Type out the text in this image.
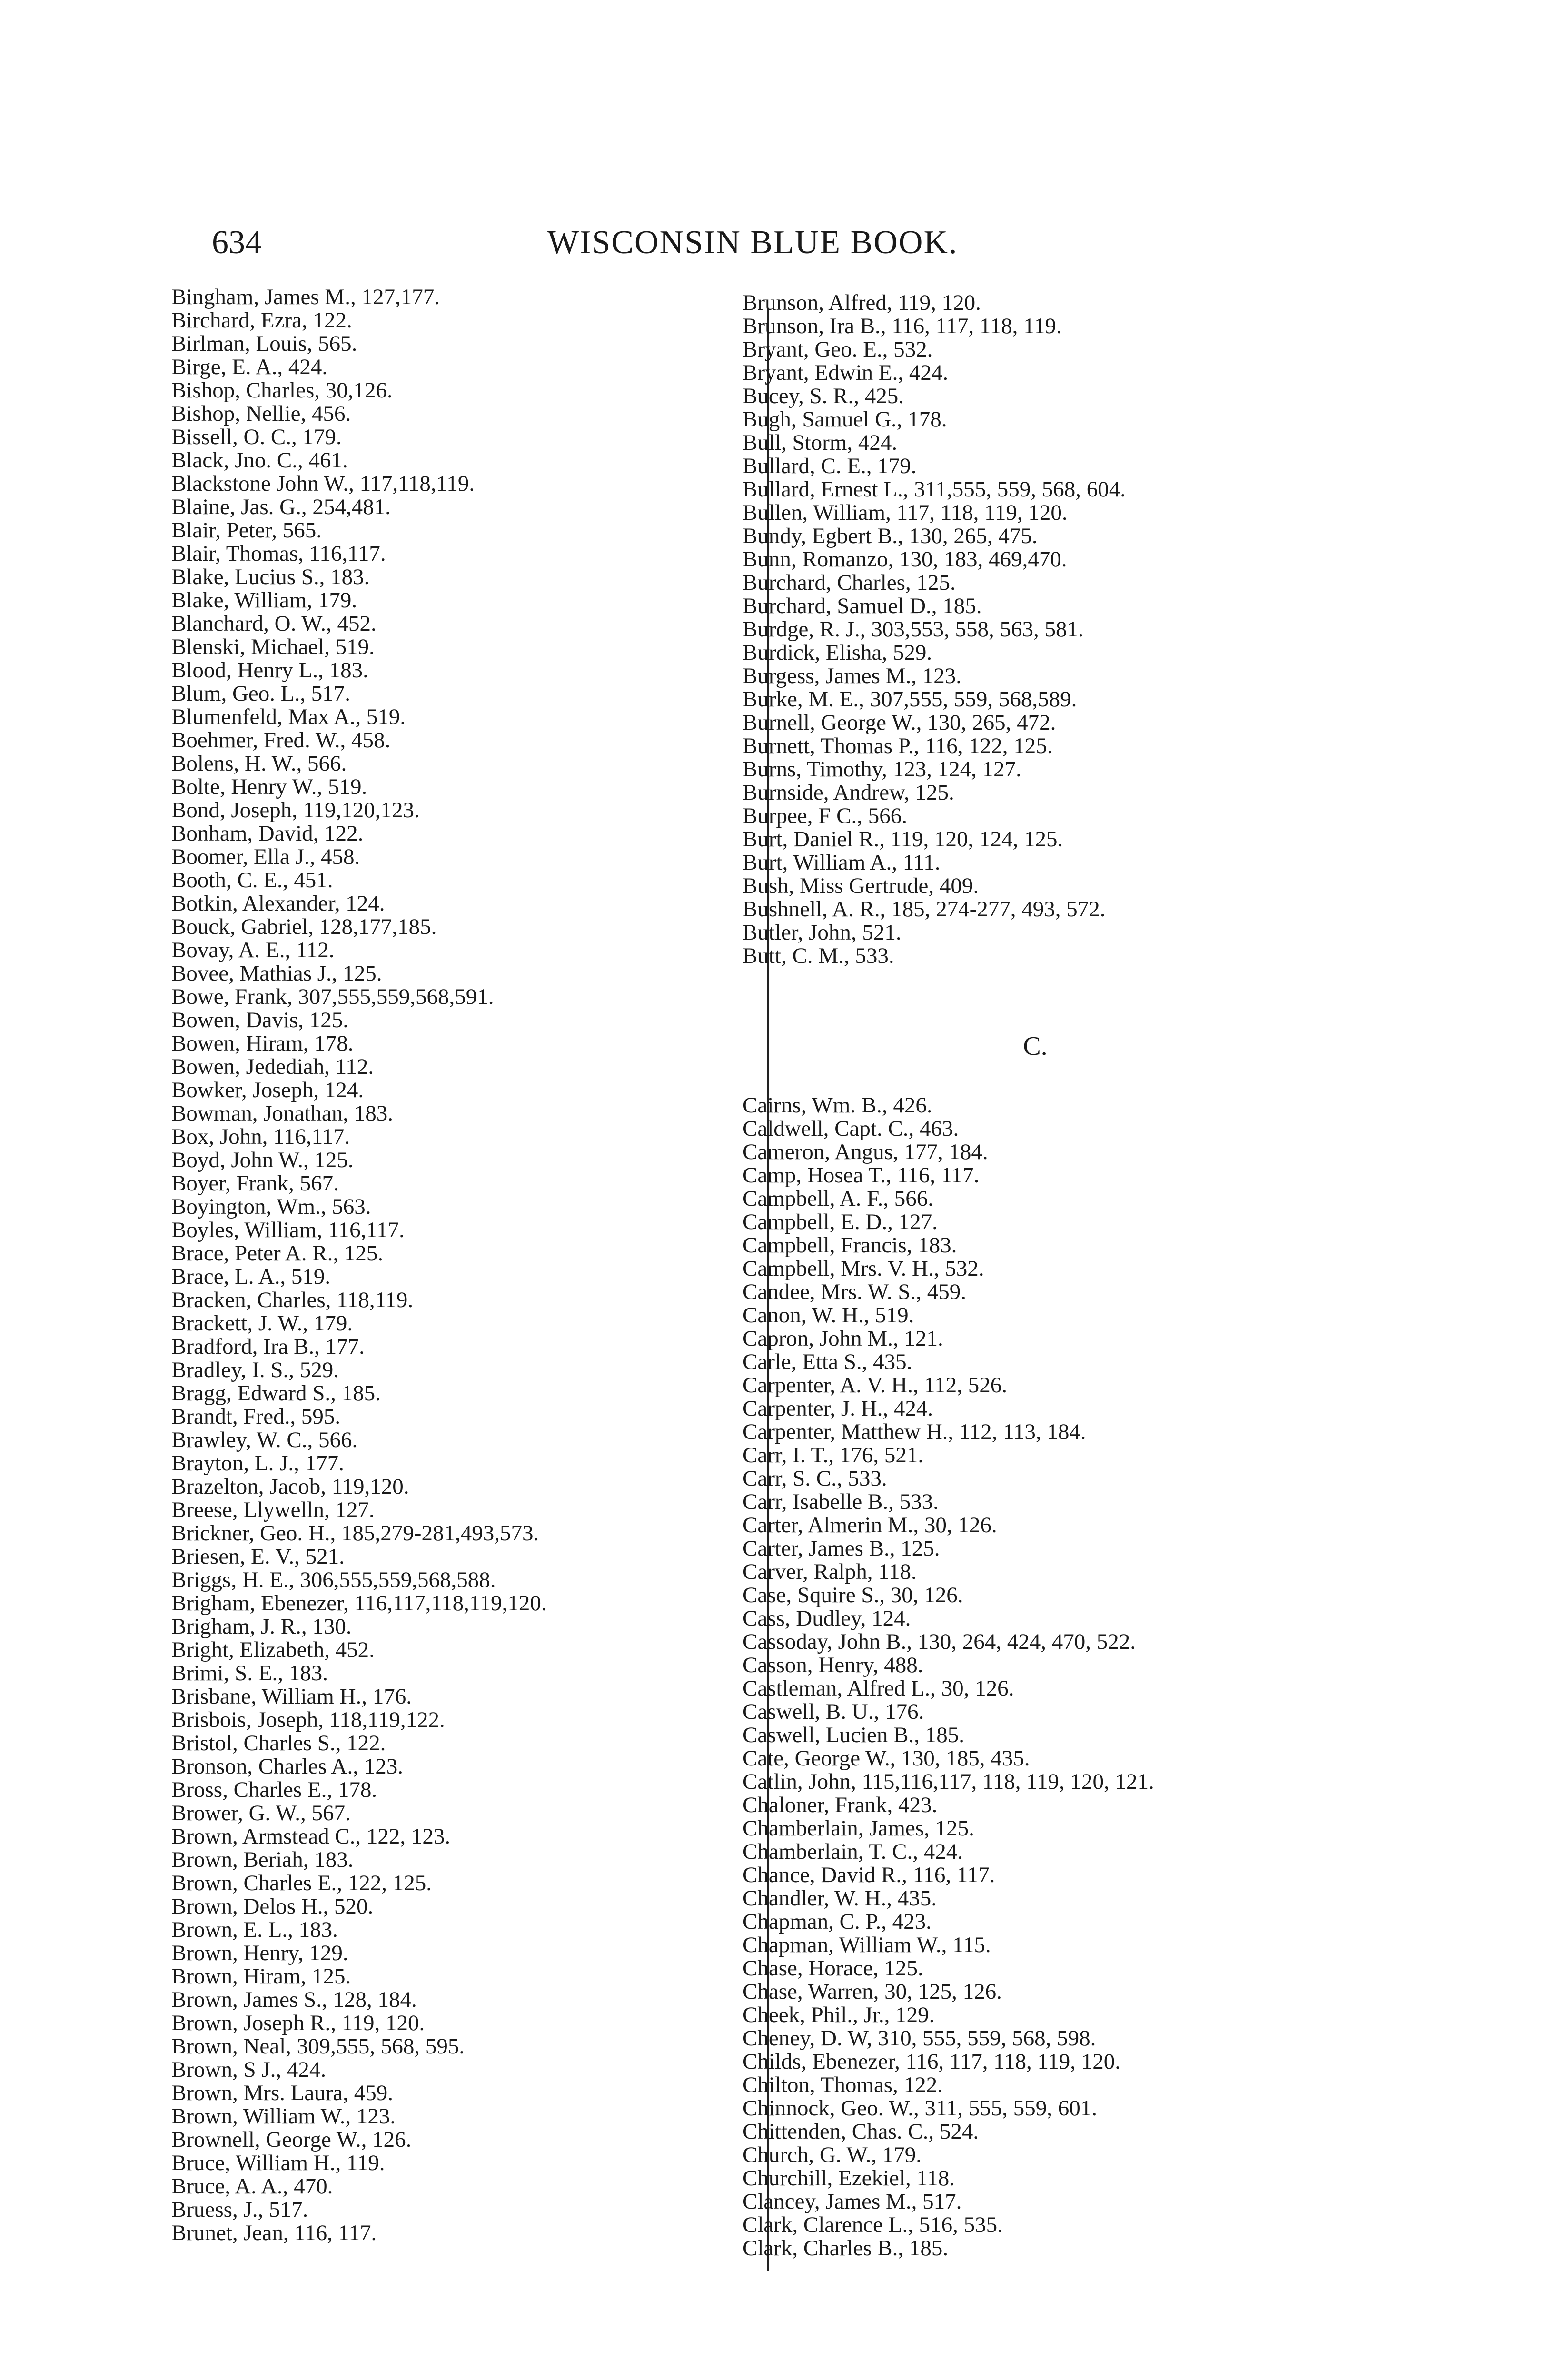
634	WISCONSIN BLUE BOOK.
Bingham, James M., 127,177.
Birchard, Ezra, 122.
Birlman, Louis, 565.
Birge, E. A., 424.
Bishop, Charles, 30,126.
Bishop, Nellie, 456.
Bissell, O. C., 179.
Black, Jno. C., 461.
Blackstone John W., 117,118,119.
Blaine, Jas. G., 254,481.
Blair, Peter, 565.
Blair, Thomas, 116,117.
Blake, Lucius S., 183.
Blake, William, 179.
Blanchard, O. W., 452.
Blenski, Michael, 519.
Blood, Henry L., 183.
Blum, Geo. L., 517.
Blumenfeld, Max A., 519.
Boehmer, Fred. W., 458.
Bolens, H. W., 566.
Bolte, Henry W., 519.
Bond, Joseph, 119,120,123.
Bonham, David, 122.
Boomer, Ella J., 458.
Booth, C. E., 451.
Botkin, Alexander, 124.
Bouck, Gabriel, 128,177,185.
Bovay, A. E., 112.
Bovee, Mathias J., 125.
Bowe, Frank, 307,555,559,568,591.
Bowen, Davis, 125.
Bowen, Hiram, 178.
Bowen, Jedediah, 112.
Bowker, Joseph, 124.
Bowman, Jonathan, 183.
Box, John, 116,117.
Boyd, John W., 125.
Boyer, Frank, 567.
Boyington, Wm., 563.
Boyles, William, 116,117.
Brace, Peter A. R., 125.
Brace, L. A., 519.
Bracken, Charles, 118,119.
Brackett, J. W., 179.
Bradford, Ira B., 177.
Bradley, I. S., 529.
Bragg, Edward S., 185.
Brandt, Fred., 595.
Brawley, W. C., 566.
Brayton, L. J., 177.
Brazelton, Jacob, 119,120.
Breese, Llywelln, 127.
Brickner, Geo. H., 185,279-281,493,573.
Briesen, E. V., 521.
Briggs, H. E., 306,555,559,568,588.
Brigham, Ebenezer, 116,117,118,119,120.
Brigham, J. R., 130.
Bright, Elizabeth, 452.
Brimi, S. E., 183.
Brisbane, William H., 176.
Brisbois, Joseph, 118,119,122.
Bristol, Charles S., 122.
Bronson, Charles A., 123.
Bross, Charles E., 178.
Brower, G. W., 567.
Brown, Armstead C., 122, 123.
Brown, Beriah, 183.
Brown, Charles E., 122, 125.
Brown, Delos H., 520.
Brown, E. L., 183.
Brown, Henry, 129.
Brown, Hiram, 125.
Brown, James S., 128, 184.
Brown, Joseph R., 119, 120.
Brown, Neal, 309,555, 568, 595.
Brown, S J., 424.
Brown, Mrs. Laura, 459.
Brown, William W., 123.
Brownell, George W., 126.
Bruce, William H., 119.
Bruce, A. A., 470.
Bruess, J., 517.
Brunet, Jean, 116, 117.
Brunson, Alfred, 119, 120.
Brunson, Ira B., 116, 117, 118, 119.
Bryant, Geo. E., 532.
Bryant, Edwin E., 424.
Bucey, S. R., 425.
Bugh, Samuel G., 178.
Bull, Storm, 424.
Bullard, C. E., 179.
Bullard, Ernest L., 311,555, 559, 568, 604.
Bullen, William, 117, 118, 119, 120.
Bundy, Egbert B., 130, 265, 475.
Bunn, Romanzo, 130, 183, 469,470.
Burchard, Charles, 125.
Burchard, Samuel D., 185.
Burdge, R. J., 303,553, 558, 563, 581.
Burdick, Elisha, 529.
Burgess, James M., 123.
Burke, M. E., 307,555, 559, 568,589.
Burnell, George W., 130, 265, 472.
Burnett, Thomas P., 116, 122, 125.
Burns, Timothy, 123, 124, 127.
Burnside, Andrew, 125.
Burpee, F C., 566.
Burt, Daniel R., 119, 120, 124, 125.
Burt, William A., 111.
Bush, Miss Gertrude, 409.
Bushnell, A. R., 185, 274-277, 493, 572.
Butler, John, 521.
Butt, C. M., 533.
C.
Cairns, Wm. B., 426.
Caldwell, Capt. C., 463.
Cameron, Angus, 177, 184.
Camp, Hosea T., 116, 117.
Campbell, A. F., 566.
Campbell, E. D., 127.
Campbell, Francis, 183.
Campbell, Mrs. V. H., 532.
Candee, Mrs. W. S., 459.
Canon, W. H., 519.
Capron, John M., 121.
Carle, Etta S., 435.
Carpenter, A. V. H., 112, 526.
Carpenter, J. H., 424.
Carpenter, Matthew H., 112, 113, 184.
Carr, I. T., 176, 521.
Carr, S. C., 533.
Carr, Isabelle B., 533.
Carter, Almerin M., 30, 126.
Carter, James B., 125.
Carver, Ralph, 118.
Case, Squire S., 30, 126.
Cass, Dudley, 124.
Cassoday, John B., 130, 264, 424, 470, 522.
Casson, Henry, 488.
Castleman, Alfred L., 30, 126.
Caswell, B. U., 176.
Caswell, Lucien B., 185.
Cate, George W., 130, 185, 435.
Catlin, John, 115,116,117, 118, 119, 120, 121.
Chaloner, Frank, 423.
Chamberlain, James, 125.
Chamberlain, T. C., 424.
Chance, David R., 116, 117.
Chandler, W. H., 435.
Chapman, C. P., 423.
Chapman, William W., 115.
Chase, Horace, 125.
Chase, Warren, 30, 125, 126.
Cheek, Phil., Jr., 129.
Cheney, D. W, 310, 555, 559, 568, 598.
Childs, Ebenezer, 116, 117, 118, 119, 120.
Chilton, Thomas, 122.
Chinnock, Geo. W., 311, 555, 559, 601.
Chittenden, Chas. C., 524.
Church, G. W., 179.
Churchill, Ezekiel, 118.
Clancey, James M., 517.
Clark, Clarence L., 516, 535.
Clark, Charles B., 185.
